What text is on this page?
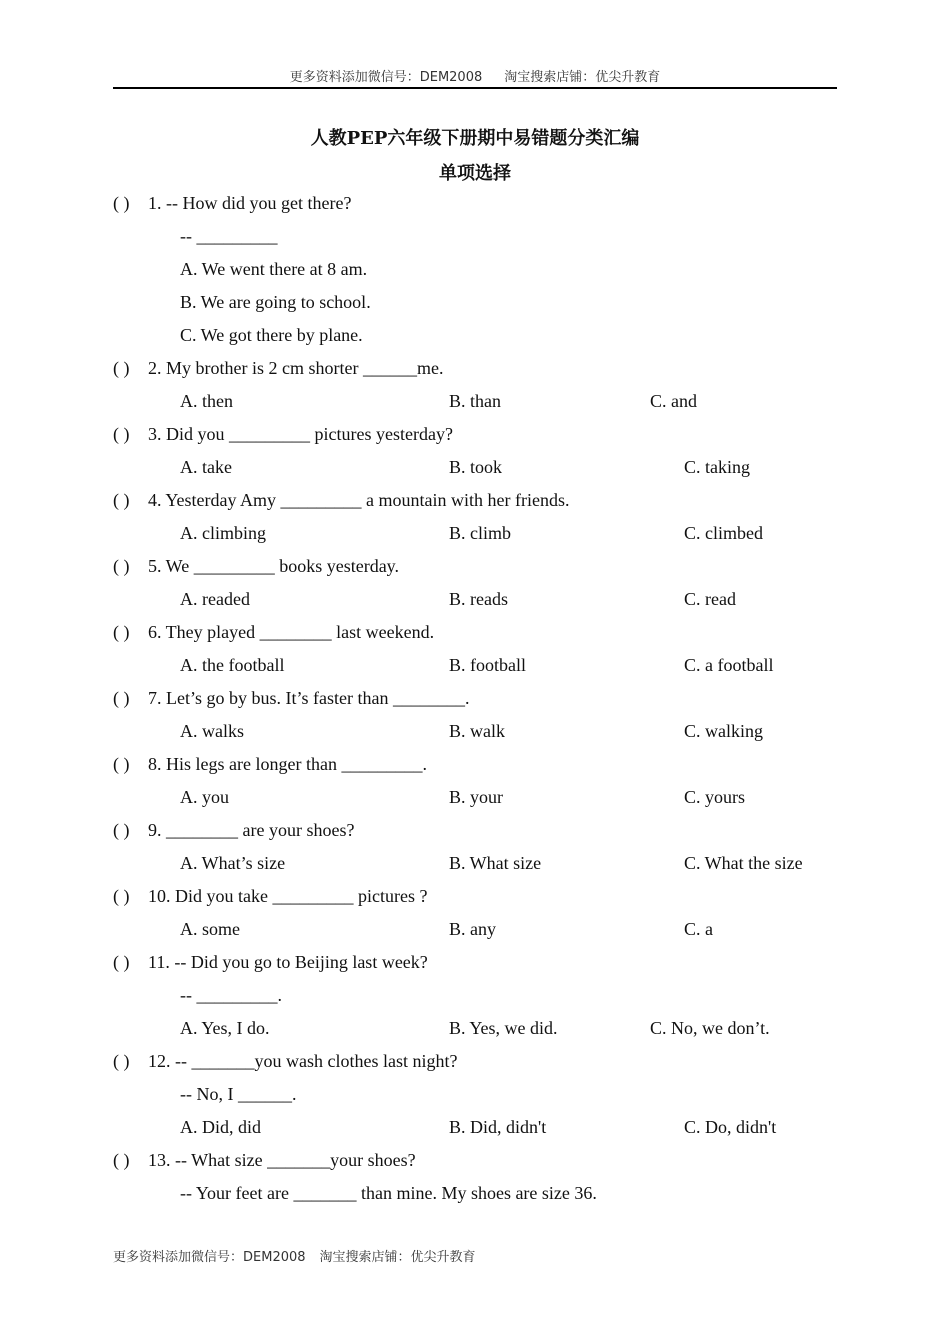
更多资料添加微信号：DEM2008 淘宝搜索店铺：优尖升教育
人教PEP六年级下册期中易错题分类汇编
单项选择
( ) 1. -- How did you get there?
-- _________
A. We went there at 8 am.
B. We are going to school.
C. We got there by plane.
( ) 2. My brother is 2 cm shorter ______me.
A. then	B. than	C. and
( ) 3. Did you _________ pictures yesterday?
A. take	B. took	C. taking
( ) 4. Yesterday Amy _________ a mountain with her friends.
A. climbing	B. climb	C. climbed
( ) 5. We _________ books yesterday.
A. readed	B. reads	C. read
( ) 6. They played ________ last weekend.
A. the football	B. football	C. a football
( ) 7. Let’s go by bus. It’s faster than ________.
A. walks	B. walk	C. walking
( ) 8. His legs are longer than _________.
A. you	B. your	C. yours
( ) 9. ________ are your shoes?
A. What’s size	B. What size	C. What the size
( ) 10. Did you take _________ pictures ?
A. some	B. any	C. a
( ) 11. -- Did you go to Beijing last week?
-- _________.
A. Yes, I do.	B. Yes, we did.	C. No, we don’t.
( ) 12. -- _______you wash clothes last night?
-- No, I ______.
A. Did, did	B. Did, didn't	C. Do, didn't
( ) 13. -- What size _______your shoes?
-- Your feet are _______ than mine. My shoes are size 36.
更多资料添加微信号：DEM2008 淘宝搜索店铺：优尖升教育
